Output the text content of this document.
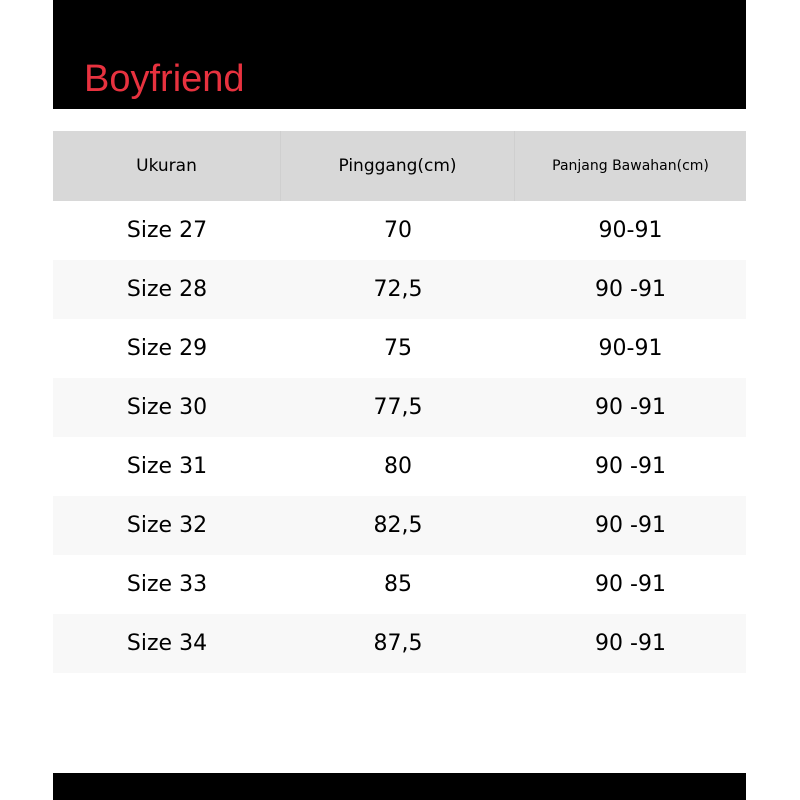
Boyfriend
Ukuran	Pinggang(cm)	Panjang Bawahan(cm)
Size 27	70	90-91
Size 28	72,5	90 -91
Size 29	75	90-91
Size 30	77,5	90 -91
Size 31	80	90 -91
Size 32	82,5	90 -91
Size 33	85	90 -91
Size 34	87,5	90 -91
